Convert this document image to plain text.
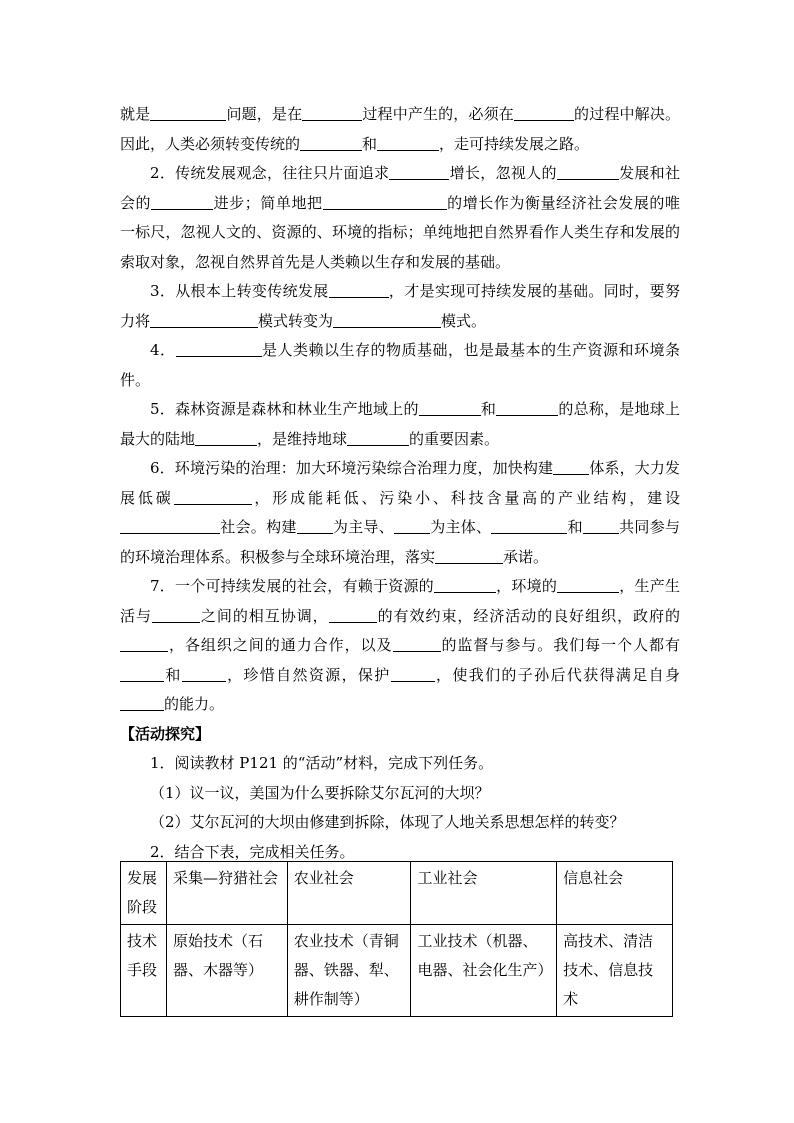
就是	问题，是在	过程中产生的，必须在	的过程中解决。因此，人类必须转变传统的	和	，走可持续发展之路。

2．传统发展观念，往往只片面追求	增长，忽视人的	发展和社会的	进步；简单地把	的增长作为衡量经济社会发展的唯一标尺，忽视人文的、资源的、环境的指标；单纯地把自然界看作人类生存和发展的索取对象，忽视自然界首先是人类赖以生存和发展的基础。

3．从根本上转变传统发展	，才是实现可持续发展的基础。同时，要努力将	模式转变为	模式。

4．	是人类赖以生存的物质基础，也是最基本的生产资源和环境条件。

5．森林资源是森林和林业生产地域上的	和	的总称，是地球上最大的陆地	，是维持地球	的重要因素。

6．环境污染的治理：加大环境污染综合治理力度，加快构建 体系，大力发展低碳	，形成能耗低、污染小、科技含量高的产业结构，建设社会。构建 为主导、 为主体、	和 共同参与的环境治理体系。积极参与全球环境治理，落实	承诺。

7．一个可持续发展的社会，有赖于资源的	，环境的	，生产生活与	之间的相互协调，	的有效约束，经济活动的良好组织，政府的，各组织之间的通力合作，以及	的监督与参与。我们每一个人都有和	，珍惜自然资源，保护	，使我们的子孙后代获得满足自身的能力。

【活动探究】

1．阅读教材 P121 的“活动”材料，完成下列任务。

（1）议一议，美国为什么要拆除艾尔瓦河的大坝？

（2）艾尔瓦河的大坝由修建到拆除，体现了人地关系思想怎样的转变？

2．结合下表，完成相关任务。

发展阶段	采集—狩猎社会	农业社会	工业社会	信息社会
技术手段	原始技术（石器、木器等）	农业技术（青铜器、铁器、犁、耕作制等）	工业技术（机器、电器、社会化生产）	高技术、清洁技术、信息技术
